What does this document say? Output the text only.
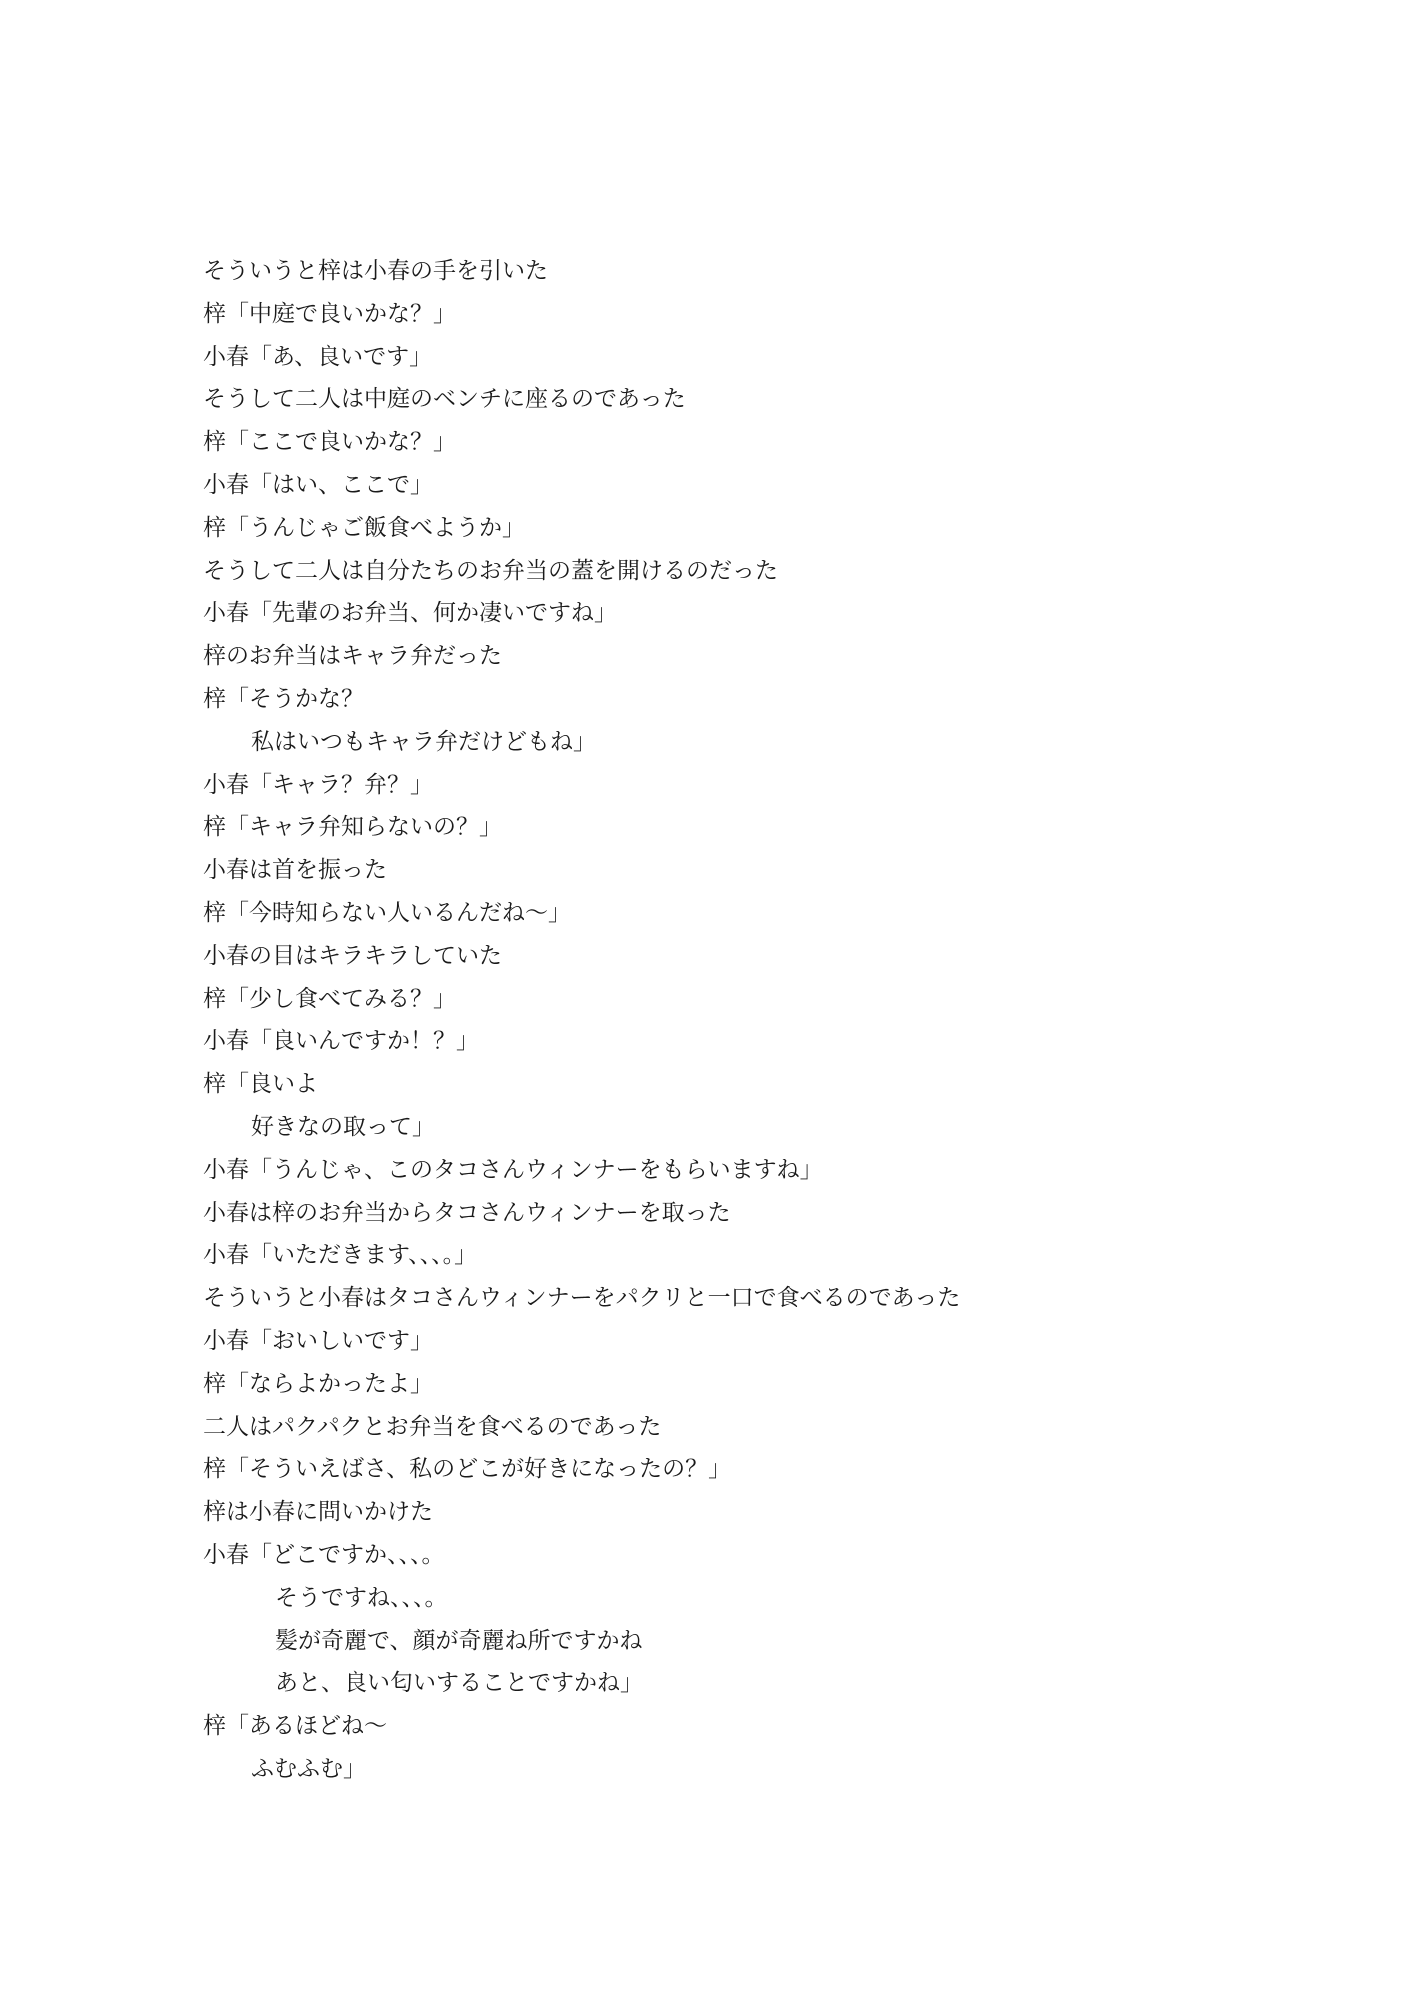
そういうと梓は小春の手を引いた

梓「中庭で良いかな？」

小春「あ、良いです」

そうして二人は中庭のベンチに座るのであった

梓「ここで良いかな？」

小春「はい、ここで」

梓「うんじゃご飯食べようか」

そうして二人は自分たちのお弁当の蓋を開けるのだった

小春「先輩のお弁当、何か凄いですね」

梓のお弁当はキャラ弁だった

梓「そうかな？

私はいつもキャラ弁だけどもね」

小春「キャラ？弁？」

梓「キャラ弁知らないの？」

小春は首を振った

梓「今時知らない人いるんだね～」

小春の目はキラキラしていた

梓「少し食べてみる？」

小春「良いんですか！？」

梓「良いよ

好きなの取って」

小春「うんじゃ、このタコさんウィンナーをもらいますね」

小春は梓のお弁当からタコさんウィンナーを取った

小春「いただきます、、、。」

そういうと小春はタコさんウィンナーをパクリと一口で食べるのであった

小春「おいしいです」

梓「ならよかったよ」

二人はパクパクとお弁当を食べるのであった

梓「そういえばさ、私のどこが好きになったの？」

梓は小春に問いかけた

小春「どこですか、、、。

そうですね、、、。

髪が奇麗で、顔が奇麗ね所ですかね

あと、良い匂いすることですかね」

梓「あるほどね～

ふむふむ」
